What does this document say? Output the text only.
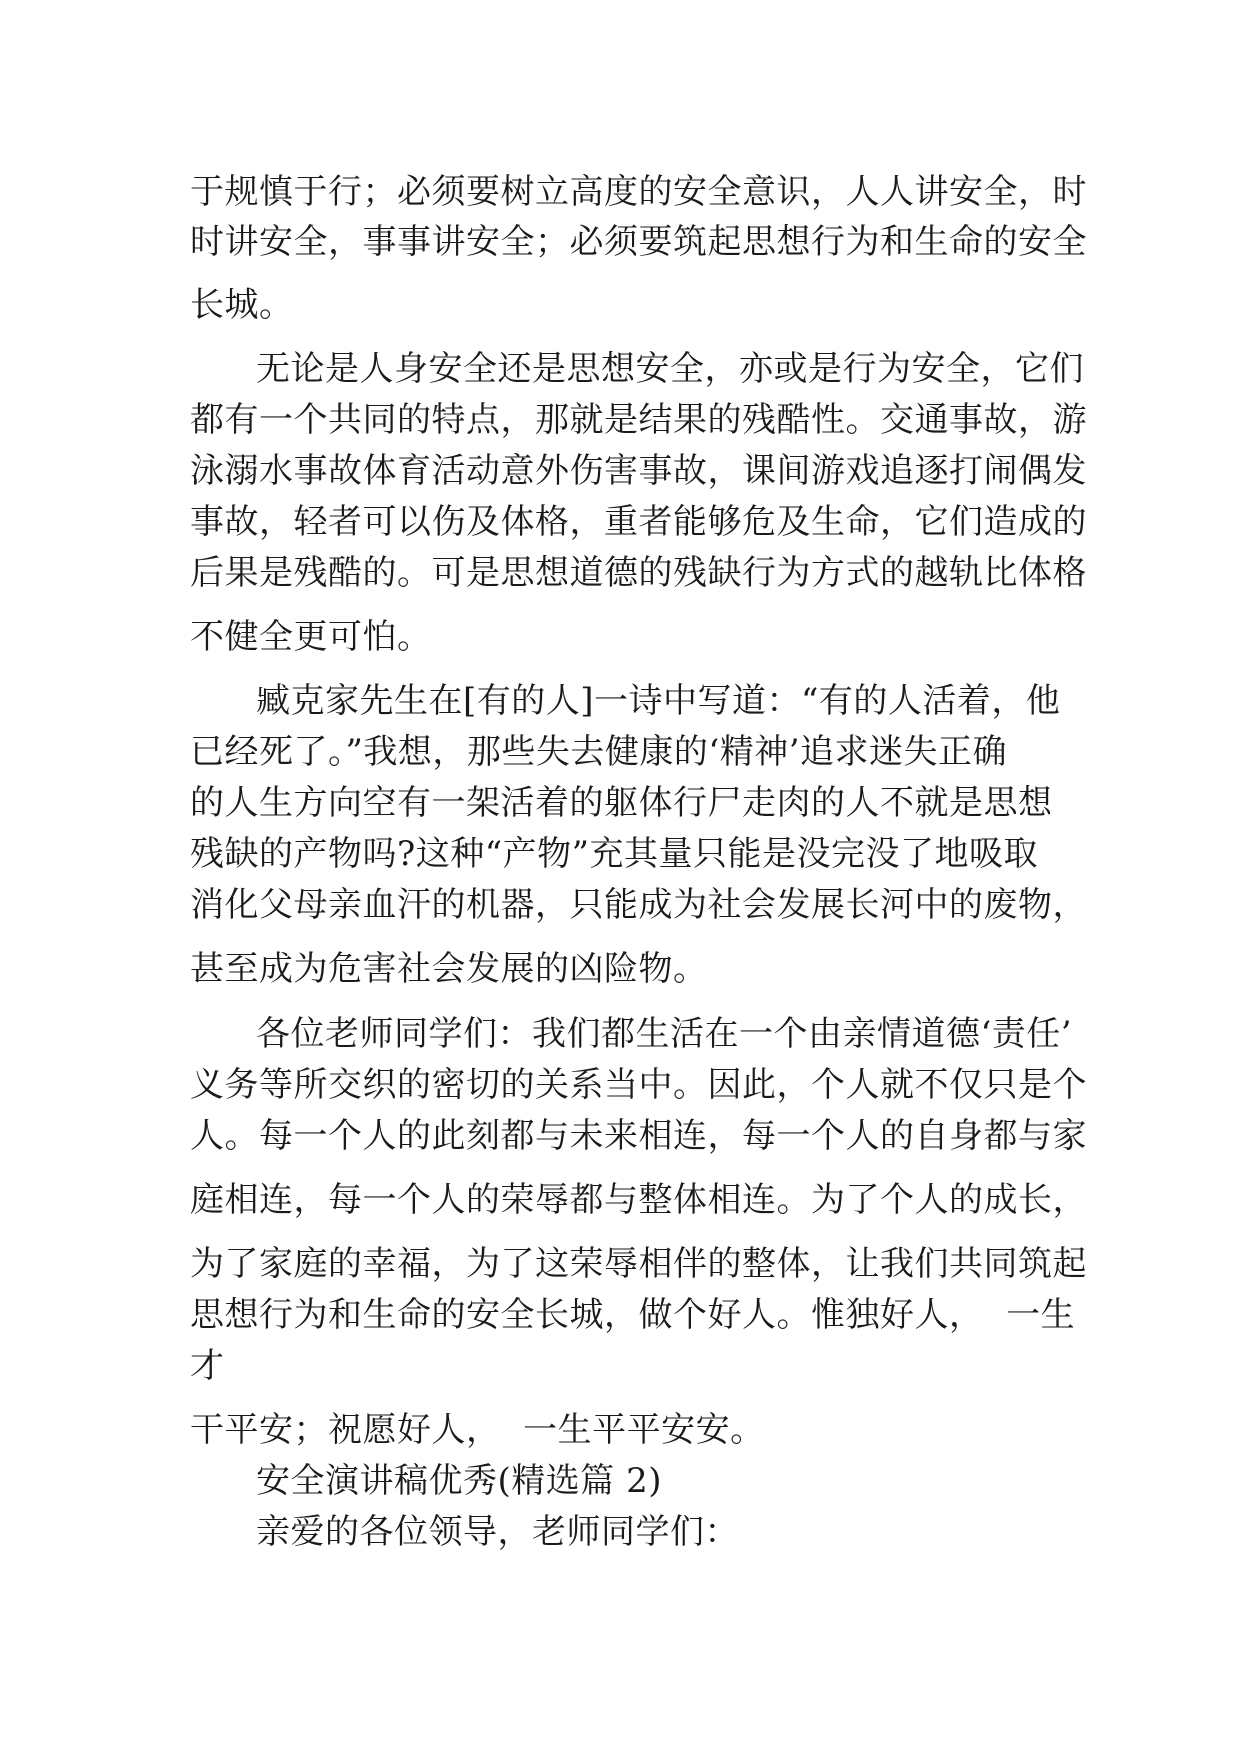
于规慎于行；必须要树立高度的安全意识，人人讲安全，时
时讲安全，事事讲安全；必须要筑起思想行为和生命的安全
长城。
无论是人身安全还是思想安全，亦或是行为安全，它们
都有一个共同的特点，那就是结果的残酷性。交通事故，游
泳溺水事故体育活动意外伤害事故，课间游戏追逐打闹偶发
事故，轻者可以伤及体格，重者能够危及生命，它们造成的
后果是残酷的。可是思想道德的残缺行为方式的越轨比体格
不健全更可怕。
臧克家先生在[有的人]一诗中写道：“有的人活着，他
已经死了。”我想，那些失去健康的‘精神’追求迷失正确
的人生方向空有一架活着的躯体行尸走肉的人不就是思想
残缺的产物吗?这种“产物”充其量只能是没完没了地吸取
消化父母亲血汗的机器，只能成为社会发展长河中的废物，
甚至成为危害社会发展的凶险物。
各位老师同学们：我们都生活在一个由亲情道德‘责任’
义务等所交织的密切的关系当中。因此，个人就不仅只是个
人。每一个人的此刻都与未来相连，每一个人的自身都与家
庭相连，每一个人的荣辱都与整体相连。为了个人的成长，
为了家庭的幸福，为了这荣辱相伴的整体，让我们共同筑起
思想行为和生命的安全长城，做个好人。惟独好人，  一生
才
干平安；祝愿好人，  一生平平安安。
安全演讲稿优秀(精选篇 2)
亲爱的各位领导，老师同学们：
